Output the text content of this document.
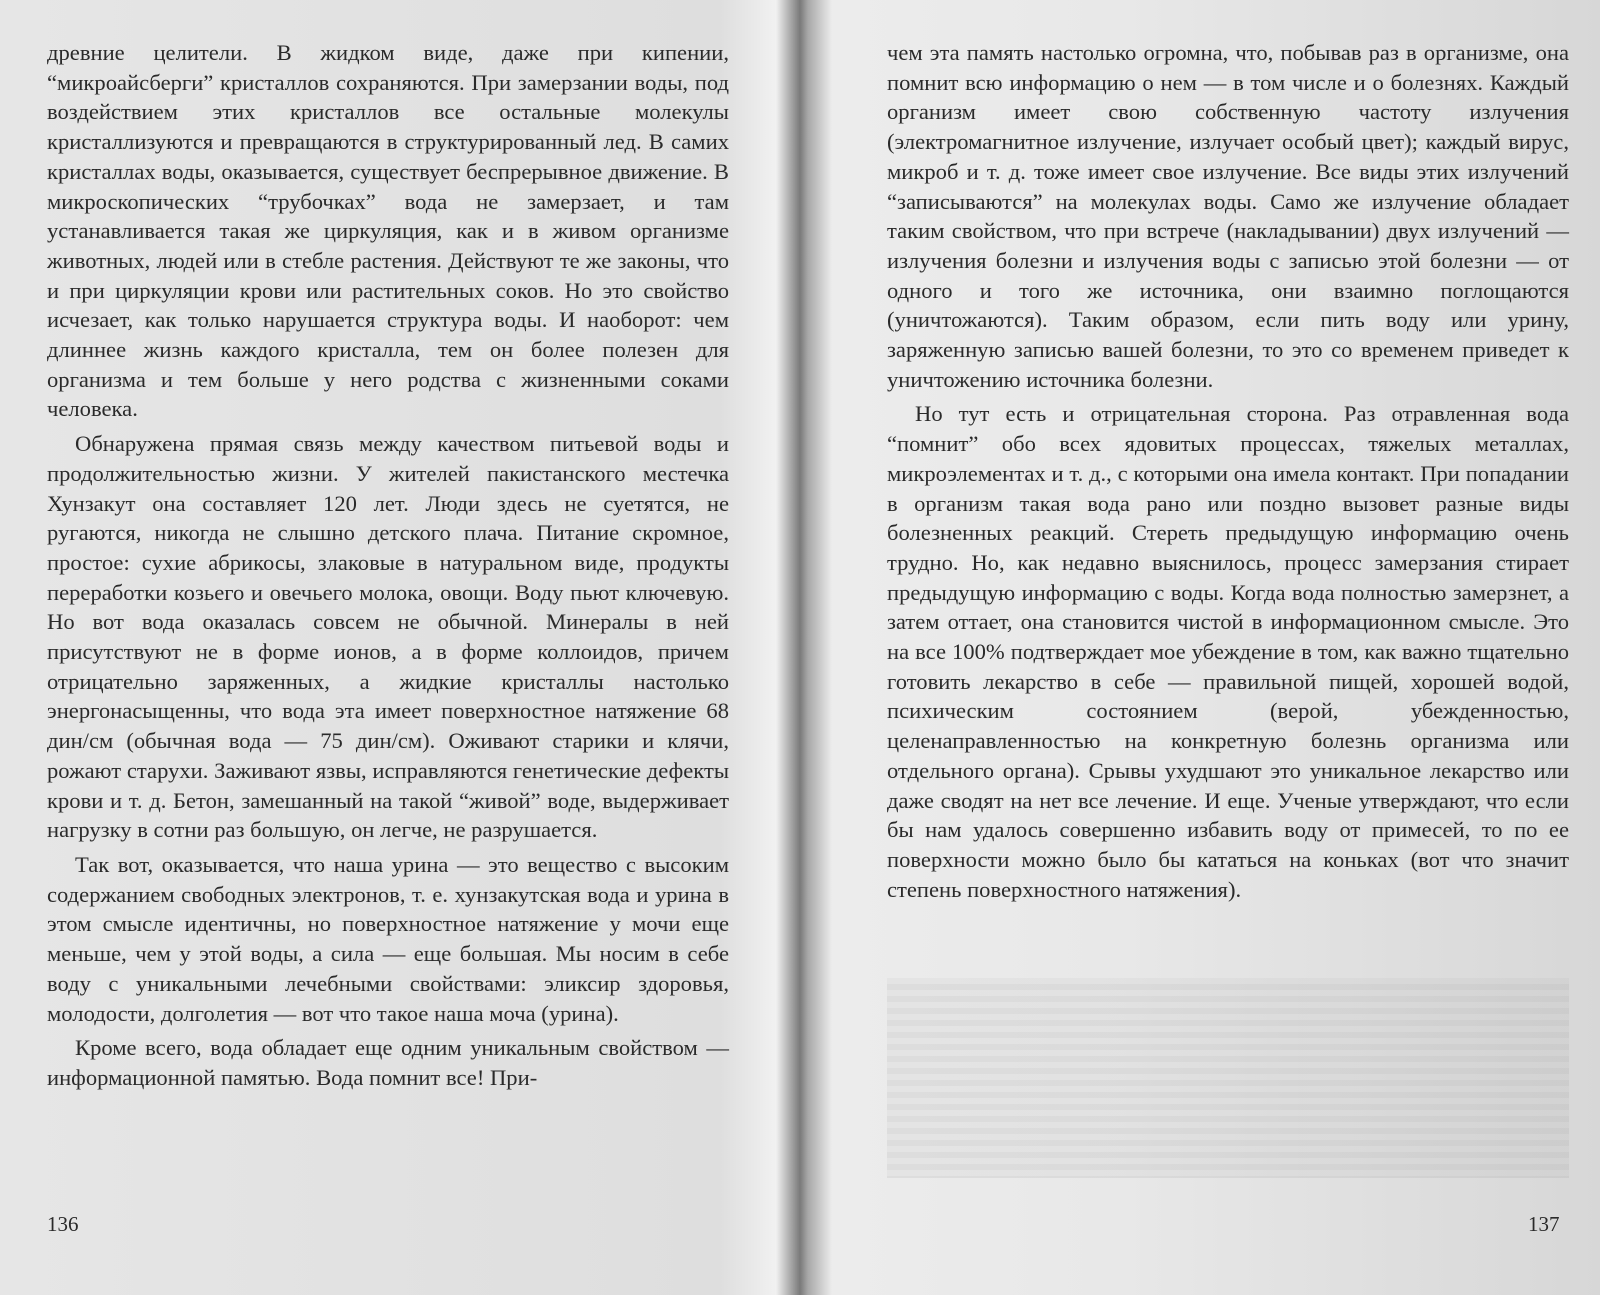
древние целители. В жидком виде, даже при кипении, “микроайсберги” кристаллов сохраняются. При замерзании воды, под воздействием этих кристаллов все остальные молекулы кристаллизуются и превращаются в структурированный лед. В самих кристаллах воды, оказывается, существует беспрерывное движение. В микроскопических “трубочках” вода не замерзает, и там устанавливается такая же циркуляция, как и в живом организме животных, людей или в стебле растения. Действуют те же законы, что и при циркуляции крови или растительных соков. Но это свойство исчезает, как только нарушается структура воды. И наоборот: чем длиннее жизнь каждого кристалла, тем он более полезен для организма и тем больше у него родства с жизненными соками человека.

Обнаружена прямая связь между качеством питьевой воды и продолжительностью жизни. У жителей пакистанского местечка Хунзакут она составляет 120 лет. Люди здесь не суетятся, не ругаются, никогда не слышно детского плача. Питание скромное, простое: сухие абрикосы, злаковые в натуральном виде, продукты переработки козьего и овечьего молока, овощи. Воду пьют ключевую. Но вот вода оказалась совсем не обычной. Минералы в ней присутствуют не в форме ионов, а в форме коллоидов, причем отрицательно заряженных, а жидкие кристаллы настолько энергонасыщенны, что вода эта имеет поверхностное натяжение 68 дин/см (обычная вода — 75 дин/см). Оживают старики и клячи, рожают старухи. Заживают язвы, исправляются генетические дефекты крови и т. д. Бетон, замешанный на такой “живой” воде, выдерживает нагрузку в сотни раз большую, он легче, не разрушается.

Так вот, оказывается, что наша урина — это вещество с высоким содержанием свободных электронов, т. е. хунзакутская вода и урина в этом смысле идентичны, но поверхностное натяжение у мочи еще меньше, чем у этой воды, а сила — еще большая. Мы носим в себе воду с уникальными лечебными свойствами: эликсир здоровья, молодости, долголетия — вот что такое наша моча (урина).

Кроме всего, вода обладает еще одним уникальным свойством — информационной памятью. Вода помнит все! При-

136

чем эта память настолько огромна, что, побывав раз в организме, она помнит всю информацию о нем — в том числе и о болезнях. Каждый организм имеет свою собственную частоту излучения (электромагнитное излучение, излучает особый цвет); каждый вирус, микроб и т. д. тоже имеет свое излучение. Все виды этих излучений “записываются” на молекулах воды. Само же излучение обладает таким свойством, что при встрече (накладывании) двух излучений — излучения болезни и излучения воды с записью этой болезни — от одного и того же источника, они взаимно поглощаются (уничтожаются). Таким образом, если пить воду или урину, заряженную записью вашей болезни, то это со временем приведет к уничтожению источника болезни.

Но тут есть и отрицательная сторона. Раз отравленная вода “помнит” обо всех ядовитых процессах, тяжелых металлах, микроэлементах и т. д., с которыми она имела контакт. При попадании в организм такая вода рано или поздно вызовет разные виды болезненных реакций. Стереть предыдущую информацию очень трудно. Но, как недавно выяснилось, процесс замерзания стирает предыдущую информацию с воды. Когда вода полностью замерзнет, а затем оттает, она становится чистой в информационном смысле. Это на все 100% подтверждает мое убеждение в том, как важно тщательно готовить лекарство в себе — правильной пищей, хорошей водой, психическим состоянием (верой, убежденностью, целенаправленностью на конкретную болезнь организма или отдельного органа). Срывы ухудшают это уникальное лекарство или даже сводят на нет все лечение. И еще. Ученые утверждают, что если бы нам удалось совершенно избавить воду от примесей, то по ее поверхности можно было бы кататься на коньках (вот что значит степень поверхностного натяжения).

137
